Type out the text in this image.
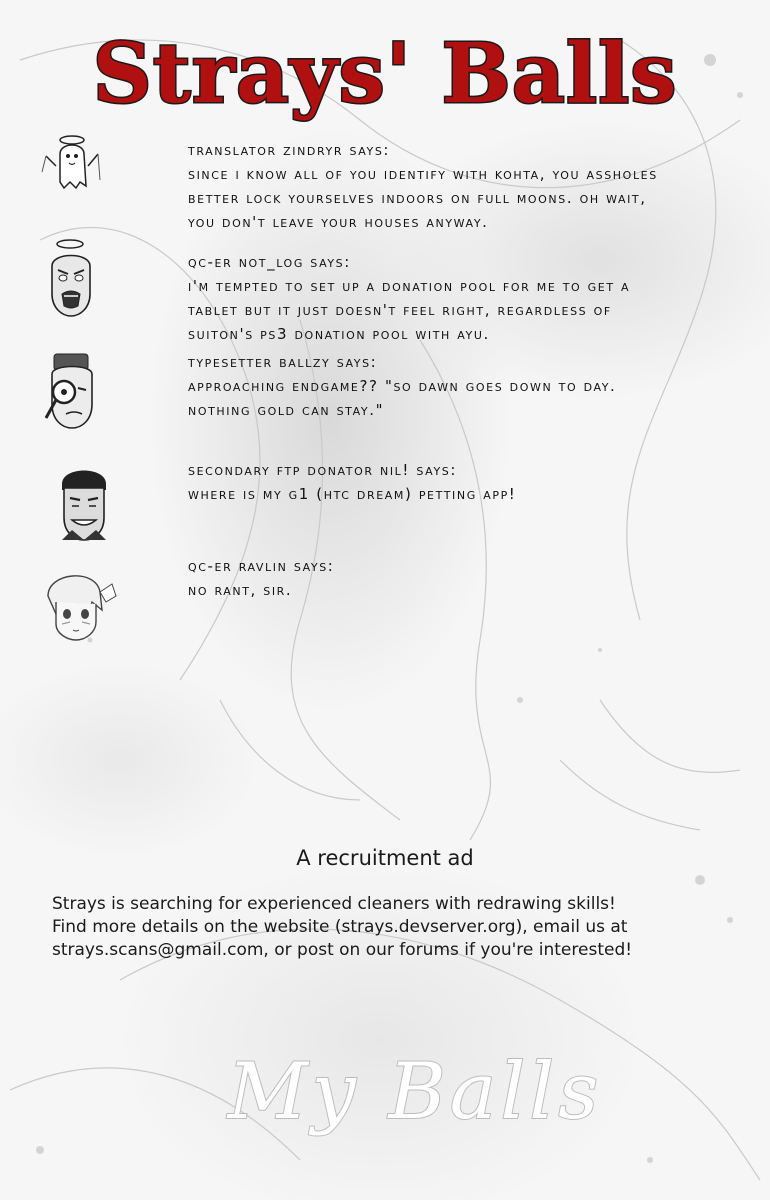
Strays' Balls
translator zindryr says:
since i know all of you identify with kohta, you assholes
better lock yourselves indoors on full moons. oh wait,
you don't leave your houses anyway.
qc-er not_log says:
i'm tempted to set up a donation pool for me to get a
tablet but it just doesn't feel right, regardless of
suiton's ps3 donation pool with ayu.
typesetter ballzy says:
approaching endgame?? "so dawn goes down to day.
nothing gold can stay."
secondary ftp donator nil! says:
where is my g1 (htc dream) petting app!
qc-er ravlin says:
no rant, sir.
A recruitment ad
Strays is searching for experienced cleaners with redrawing skills!
Find more details on the website (strays.devserver.org), email us at
strays.scans@gmail.com, or post on our forums if you're interested!
My Balls
